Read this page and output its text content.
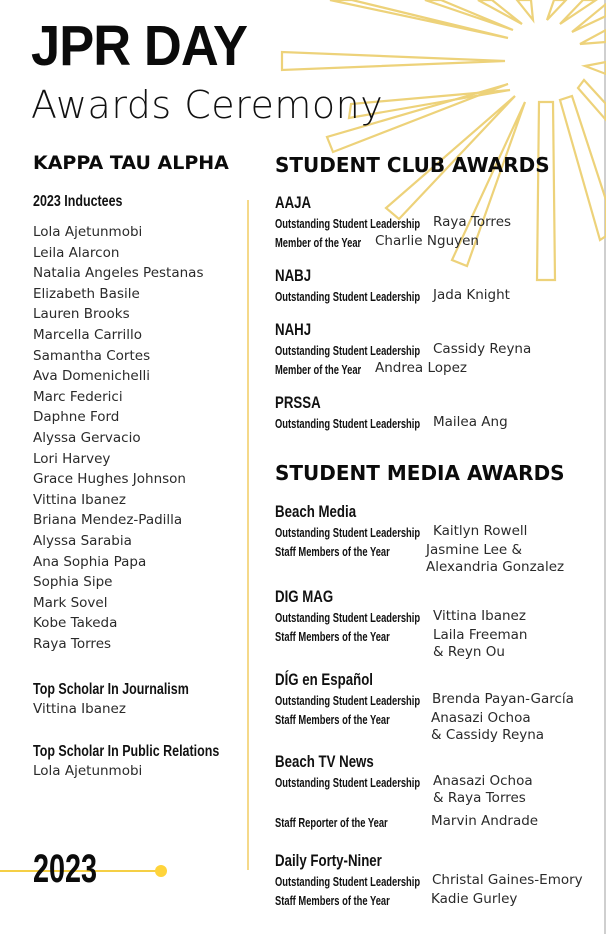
JPR DAY
Awards Ceremony
KAPPA TAU ALPHA
2023 Inductees
Lola Ajetunmobi
Leila Alarcon
Natalia Angeles Pestanas
Elizabeth Basile
Lauren Brooks
Marcella Carrillo
Samantha Cortes
Ava Domenichelli
Marc Federici
Daphne Ford
Alyssa Gervacio
Lori Harvey
Grace Hughes Johnson
Vittina Ibanez
Briana Mendez-Padilla
Alyssa Sarabia
Ana Sophia Papa
Sophia Sipe
Mark Sovel
Kobe Takeda
Raya Torres
Top Scholar In Journalism
Vittina Ibanez
Top Scholar In Public Relations
Lola Ajetunmobi
2023
STUDENT CLUB AWARDS
AAJA
Outstanding Student Leadership Raya Torres
Member of the Year Charlie Nguyen
NABJ
Outstanding Student Leadership Jada Knight
NAHJ
Outstanding Student Leadership Cassidy Reyna
Member of the Year Andrea Lopez
PRSSA
Outstanding Student Leadership Mailea Ang
STUDENT MEDIA AWARDS
Beach Media
Outstanding Student Leadership Kaitlyn Rowell
Staff Members of the Year	Jasmine Lee &
Alexandria Gonzalez
DIG MAG
Outstanding Student Leadership Vittina Ibanez
Staff Members of the Year	Laila Freeman
& Reyn Ou
DÍG en Español
Outstanding Student Leadership Brenda Payan-García
Staff Members of the Year	Anasazi Ochoa
& Cassidy Reyna
Beach TV News
Outstanding Student Leadership Anasazi Ochoa
& Raya Torres
Staff Reporter of the Year	Marvin Andrade
Daily Forty-Niner
Outstanding Student Leadership Christal Gaines-Emory
Staff Members of the Year	Kadie Gurley
